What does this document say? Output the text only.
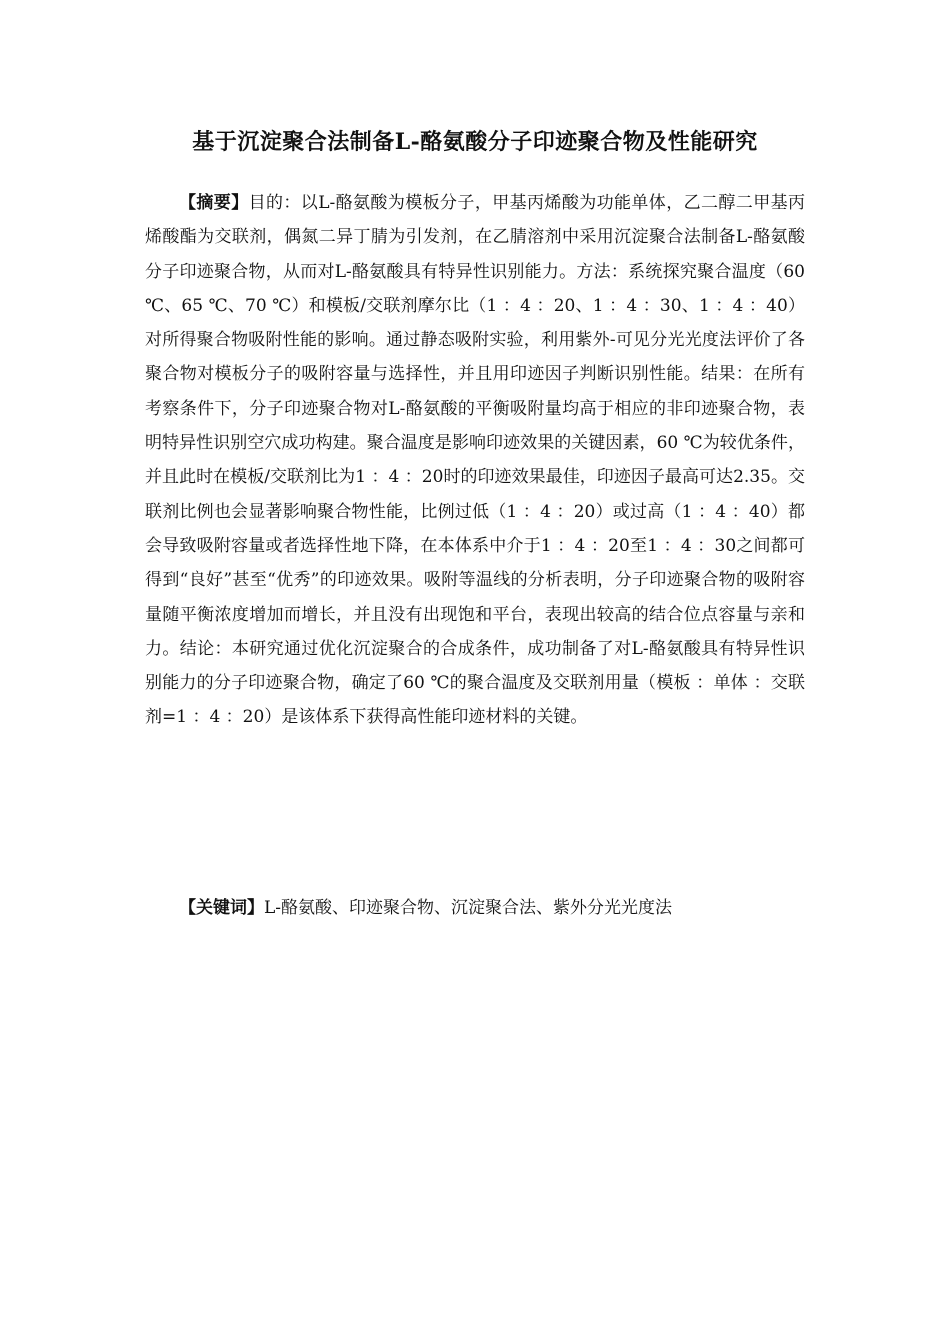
基于沉淀聚合法制备L-酪氨酸分子印迹聚合物及性能研究

【摘要】目的：以L-酪氨酸为模板分子，甲基丙烯酸为功能单体，乙二醇二甲基丙烯酸酯为交联剂，偶氮二异丁腈为引发剂，在乙腈溶剂中采用沉淀聚合法制备L-酪氨酸分子印迹聚合物，从而对L-酪氨酸具有特异性识别能力。方法：系统探究聚合温度（60 ℃、65 ℃、70 ℃）和模板/交联剂摩尔比（1 ：4 ：20、1 ：4 ：30、1 ：4 ：40）对所得聚合物吸附性能的影响。通过静态吸附实验，利用紫外-可见分光光度法评价了各聚合物对模板分子的吸附容量与选择性，并且用印迹因子判断识别性能。结果：在所有考察条件下，分子印迹聚合物对L-酪氨酸的平衡吸附量均高于相应的非印迹聚合物，表明特异性识别空穴成功构建。聚合温度是影响印迹效果的关键因素，60 ℃为较优条件，并且此时在模板/交联剂比为1 ：4 ：20时的印迹效果最佳，印迹因子最高可达2.35。交联剂比例也会显著影响聚合物性能，比例过低（1 ：4 ：20）或过高（1 ：4 ：40）都会导致吸附容量或者选择性地下降，在本体系中介于1 ：4 ：20至1 ：4 ：30之间都可得到“良好”甚至“优秀”的印迹效果。吸附等温线的分析表明，分子印迹聚合物的吸附容量随平衡浓度增加而增长，并且没有出现饱和平台，表现出较高的结合位点容量与亲和力。结论：本研究通过优化沉淀聚合的合成条件，成功制备了对L-酪氨酸具有特异性识别能力的分子印迹聚合物，确定了60 ℃的聚合温度及交联剂用量（模板 ：单体 ：交联剂=1 ：4 ：20）是该体系下获得高性能印迹材料的关键。

【关键词】L-酪氨酸、印迹聚合物、沉淀聚合法、紫外分光光度法
